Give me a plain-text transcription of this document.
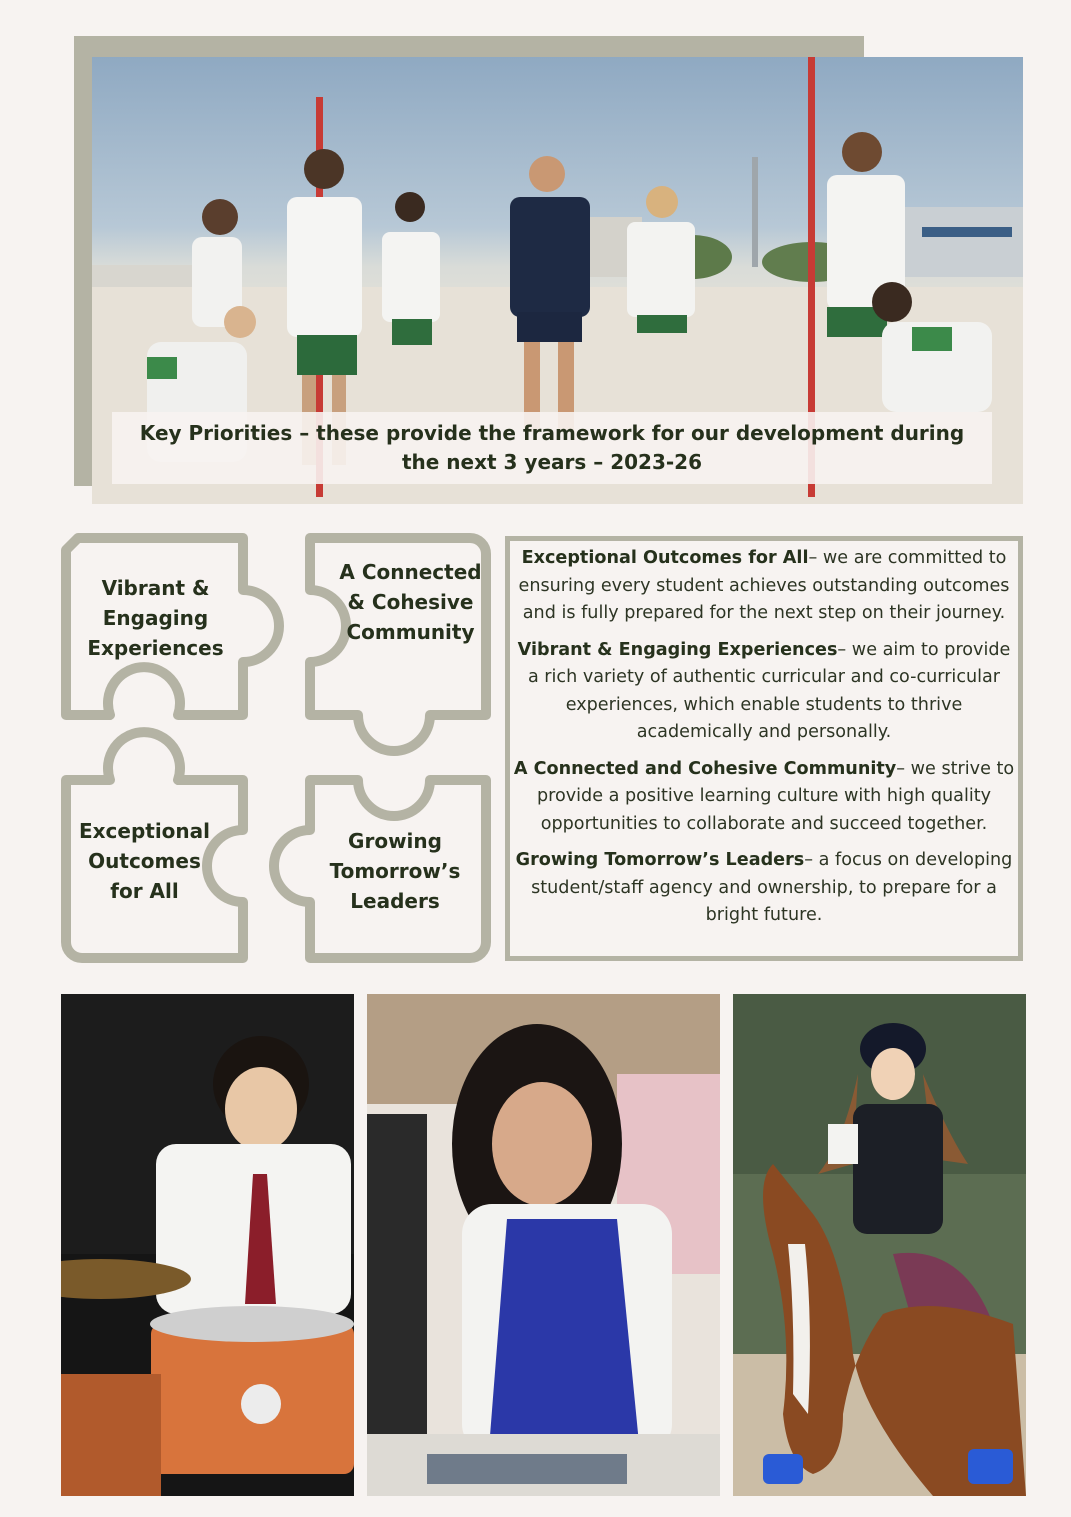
Key Priorities – these provide the framework for our development during the next 3 years – 2023-26
Vibrant & Engaging Experiences
A Connected & Cohesive Community
Exceptional Outcomes for All
Growing Tomorrow’s Leaders

Exceptional Outcomes for All– we are committed to ensuring every student achieves outstanding outcomes and is fully prepared for the next step on their journey.

Vibrant & Engaging Experiences– we aim to provide a rich variety of authentic curricular and co-curricular experiences, which enable students to thrive academically and personally.

A Connected and Cohesive Community– we strive to provide a positive learning culture with high quality opportunities to collaborate and succeed together.

Growing Tomorrow’s Leaders– a focus on developing student/staff agency and ownership, to prepare for a bright future.
